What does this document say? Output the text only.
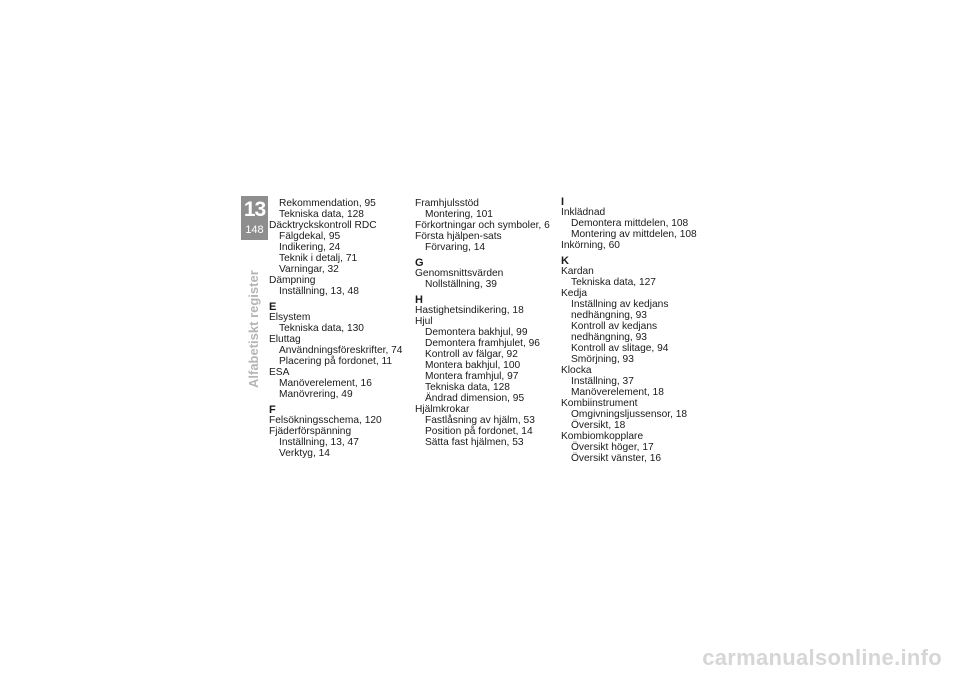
13
148
Alfabetiskt register
Rekommendation, 95
Tekniska data, 128
Däcktryckskontroll RDC
Fälgdekal, 95
Indikering, 24
Teknik i detalj, 71
Varningar, 32
Dämpning
Inställning, 13, 48
E
Elsystem
Tekniska data, 130
Eluttag
Användningsföreskrifter, 74
Placering på fordonet, 11
ESA
Manöverelement, 16
Manövrering, 49
F
Felsökningsschema, 120
Fjäderförspänning
Inställning, 13, 47
Verktyg, 14
Framhjulsstöd
Montering, 101
Förkortningar och symboler, 6
Första hjälpen-sats
Förvaring, 14
G
Genomsnittsvärden
Nollställning, 39
H
Hastighetsindikering, 18
Hjul
Demontera bakhjul, 99
Demontera framhjulet, 96
Kontroll av fälgar, 92
Montera bakhjul, 100
Montera framhjul, 97
Tekniska data, 128
Ändrad dimension, 95
Hjälmkrokar
Fastlåsning av hjälm, 53
Position på fordonet, 14
Sätta fast hjälmen, 53
I
Inklädnad
Demontera mittdelen, 108
Montering av mittdelen, 108
Inkörning, 60
K
Kardan
Tekniska data, 127
Kedja
Inställning av kedjans
nedhängning, 93
Kontroll av kedjans
nedhängning, 93
Kontroll av slitage, 94
Smörjning, 93
Klocka
Inställning, 37
Manöverelement, 18
Kombiinstrument
Omgivningsljussensor, 18
Översikt, 18
Kombiomkopplare
Översikt höger, 17
Översikt vänster, 16
carmanualsonline.info
